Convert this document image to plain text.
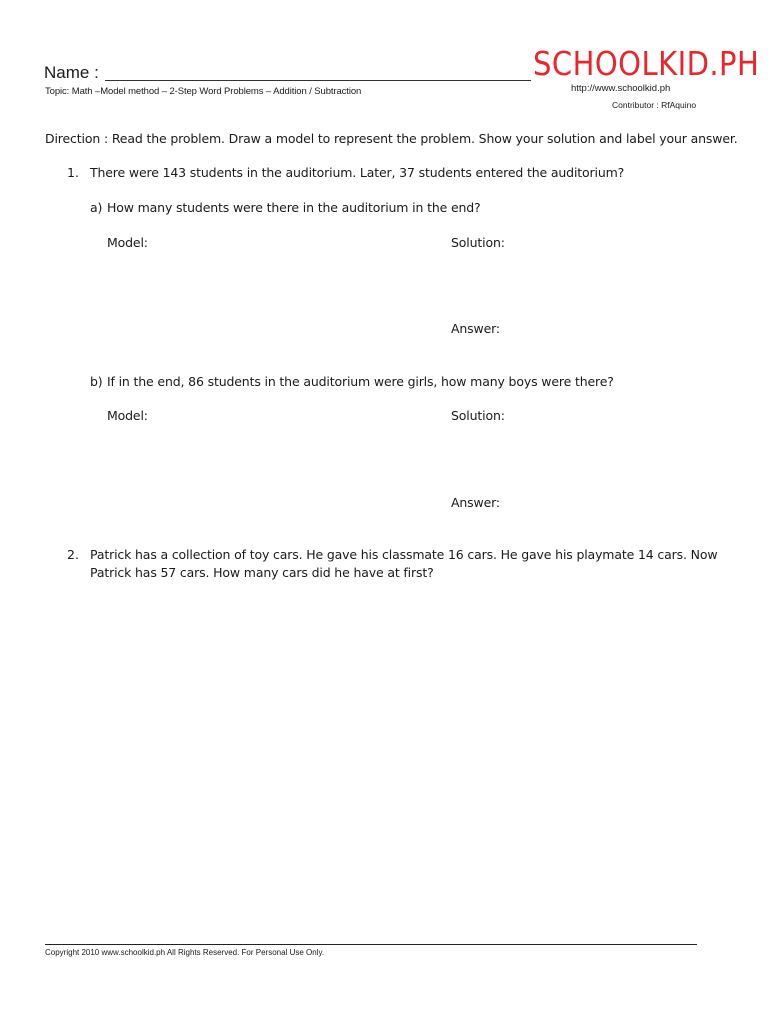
Name :
Topic: Math –Model method – 2-Step Word Problems – Addition / Subtraction
SCHOOLKID.PH
http://www.schoolkid.ph
Contributor : RfAquino
Direction : Read the problem. Draw a model to represent the problem. Show your solution and label your answer.
1. There were 143 students in the auditorium. Later, 37 students entered the auditorium?
a) How many students were there in the auditorium in the end?
Model:	Solution:
Answer:
b) If in the end, 86 students in the auditorium were girls, how many boys were there?
Model:	Solution:
Answer:
2. Patrick has a collection of toy cars. He gave his classmate 16 cars. He gave his playmate 14 cars. Now
Patrick has 57 cars. How many cars did he have at first?
Copyright 2010 www.schoolkid.ph All Rights Reserved. For Personal Use Only.
